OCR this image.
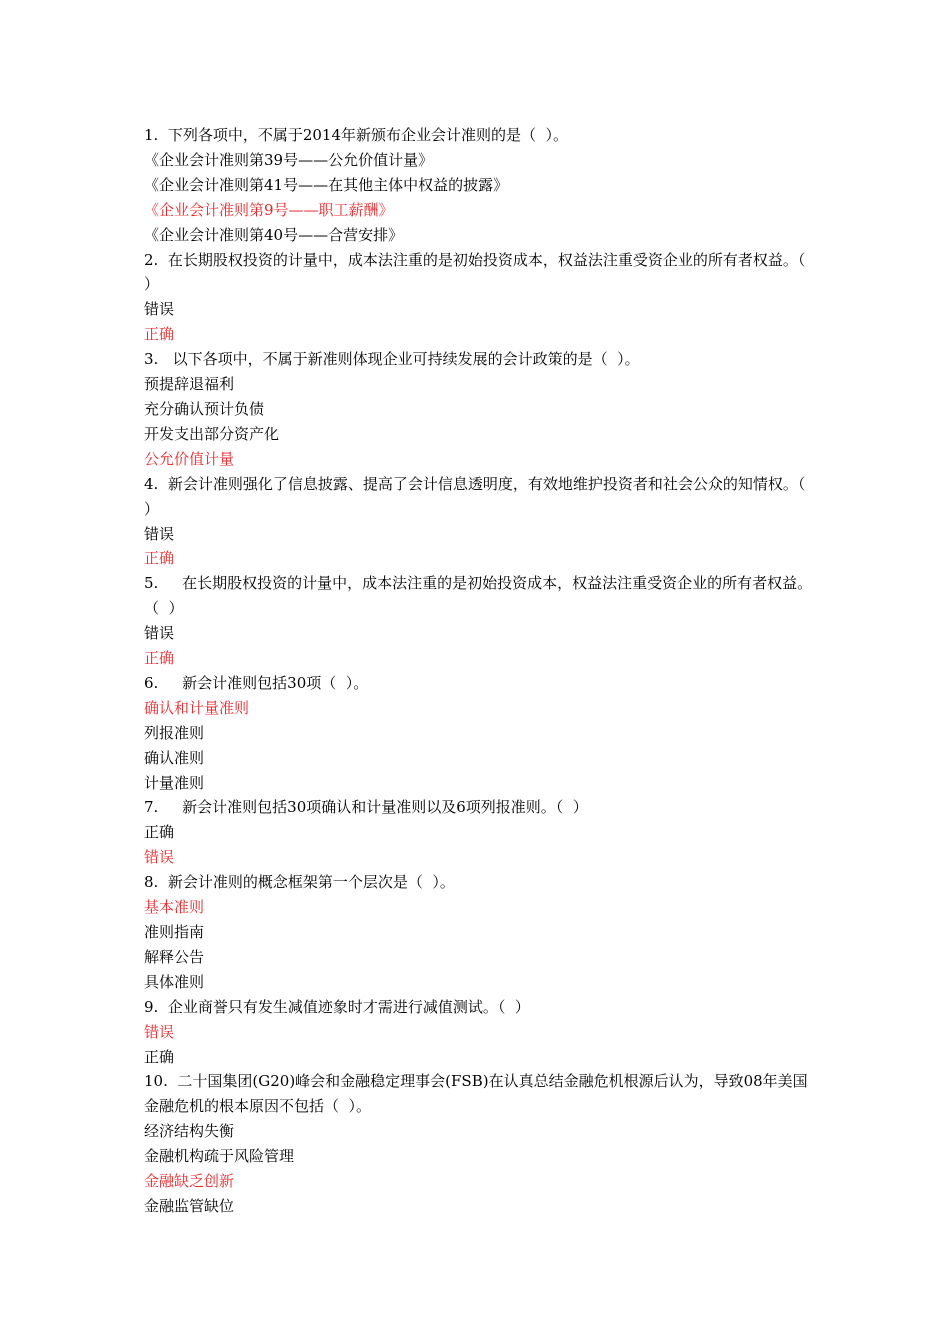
1.  下列各项中，不属于2014年新颁布企业会计准则的是（  ）。

《企业会计准则第39号——公允价值计量》

《企业会计准则第41号——在其他主体中权益的披露》

《企业会计准则第9号——职工薪酬》

《企业会计准则第40号——合营安排》

2.  在长期股权投资的计量中，成本法注重的是初始投资成本，权益法注重受资企业的所有者权益。（  ）

错误

正确

3.   以下各项中，不属于新准则体现企业可持续发展的会计政策的是（  ）。

预提辞退福利

充分确认预计负债

开发支出部分资产化

公允价值计量

4.  新会计准则强化了信息披露、提高了会计信息透明度，有效地维护投资者和社会公众的知情权。（  ）

错误

正确

5.     在长期股权投资的计量中，成本法注重的是初始投资成本，权益法注重受资企业的所有者权益。（  ）

错误

正确

6.     新会计准则包括30项（  ）。

确认和计量准则

列报准则

确认准则

计量准则

7.     新会计准则包括30项确认和计量准则以及6项列报准则。（  ）

正确

错误

8.  新会计准则的概念框架第一个层次是（  ）。

基本准则

准则指南

解释公告

具体准则

9.  企业商誉只有发生减值迹象时才需进行减值测试。（  ）

错误

正确

10.  二十国集团(G20)峰会和金融稳定理事会(FSB)在认真总结金融危机根源后认为，导致08年美国金融危机的根本原因不包括（  ）。

经济结构失衡

金融机构疏于风险管理

金融缺乏创新

金融监管缺位
